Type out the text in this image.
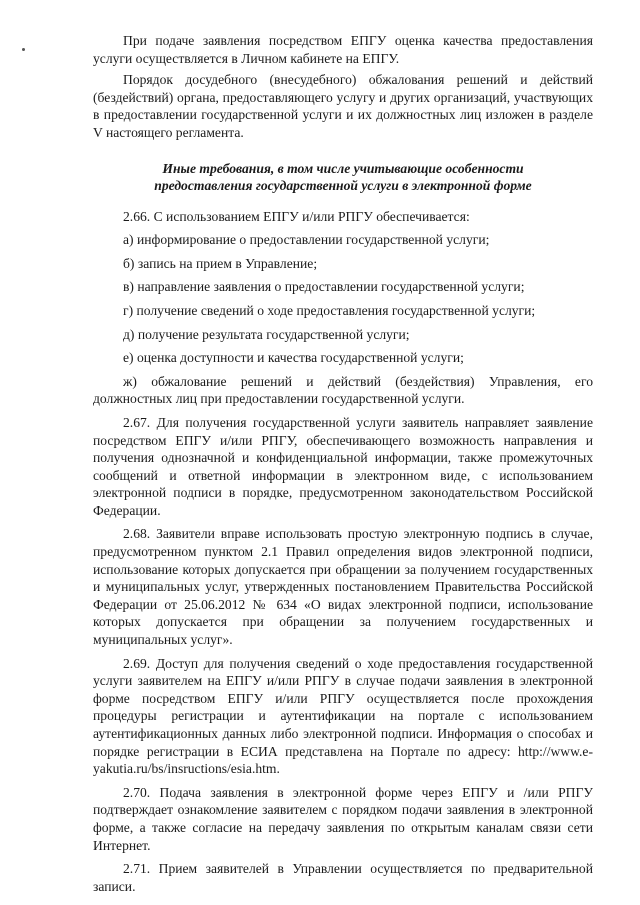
При подаче заявления посредством ЕПГУ оценка качества предоставления услуги осуществляется в Личном кабинете на ЕПГУ.

Порядок досудебного (внесудебного) обжалования решений и действий (бездействий) органа, предоставляющего услугу и других организаций, участвующих в предоставлении государственной услуги и их должностных лиц изложен в разделе V настоящего регламента.

Иные требования, в том числе учитывающие особенности
предоставления государственной услуги в электронной форме

2.66. С использованием ЕПГУ и/или РПГУ обеспечивается:

а) информирование о предоставлении государственной услуги;

б) запись на прием в Управление;

в) направление заявления о предоставлении государственной услуги;

г) получение сведений о ходе предоставления государственной услуги;

д) получение результата государственной услуги;

е) оценка доступности и качества государственной услуги;

ж) обжалование решений и действий (бездействия) Управления, его должностных лиц при предоставлении государственной услуги.

2.67. Для получения государственной услуги заявитель направляет заявление посредством ЕПГУ и/или РПГУ, обеспечивающего возможность направления и получения однозначной и конфиденциальной информации, также промежуточных сообщений и ответной информации в электронном виде, с использованием электронной подписи в порядке, предусмотренном законодательством Российской Федерации.

2.68. Заявители вправе использовать простую электронную подпись в случае, предусмотренном пунктом 2.1 Правил определения видов электронной подписи, использование которых допускается при обращении за получением государственных и муниципальных услуг, утвержденных постановлением Правительства Российской Федерации от 25.06.2012 № 634 «О видах электронной подписи, использование которых допускается при обращении за получением государственных и муниципальных услуг».

2.69. Доступ для получения сведений о ходе предоставления государственной услуги заявителем на ЕПГУ и/или РПГУ в случае подачи заявления в электронной форме посредством ЕПГУ и/или РПГУ осуществляется после прохождения процедуры регистрации и аутентификации на портале с использованием аутентификационных данных либо электронной подписи. Информация о способах и порядке регистрации в ЕСИА представлена на Портале по адресу: http://www.e-yakutia.ru/bs/insructions/esia.htm.

2.70. Подача заявления в электронной форме через ЕПГУ и /или РПГУ подтверждает ознакомление заявителем с порядком подачи заявления в электронной форме, а также согласие на передачу заявления по открытым каналам связи сети Интернет.

2.71. Прием заявителей в Управлении осуществляется по предварительной записи.
